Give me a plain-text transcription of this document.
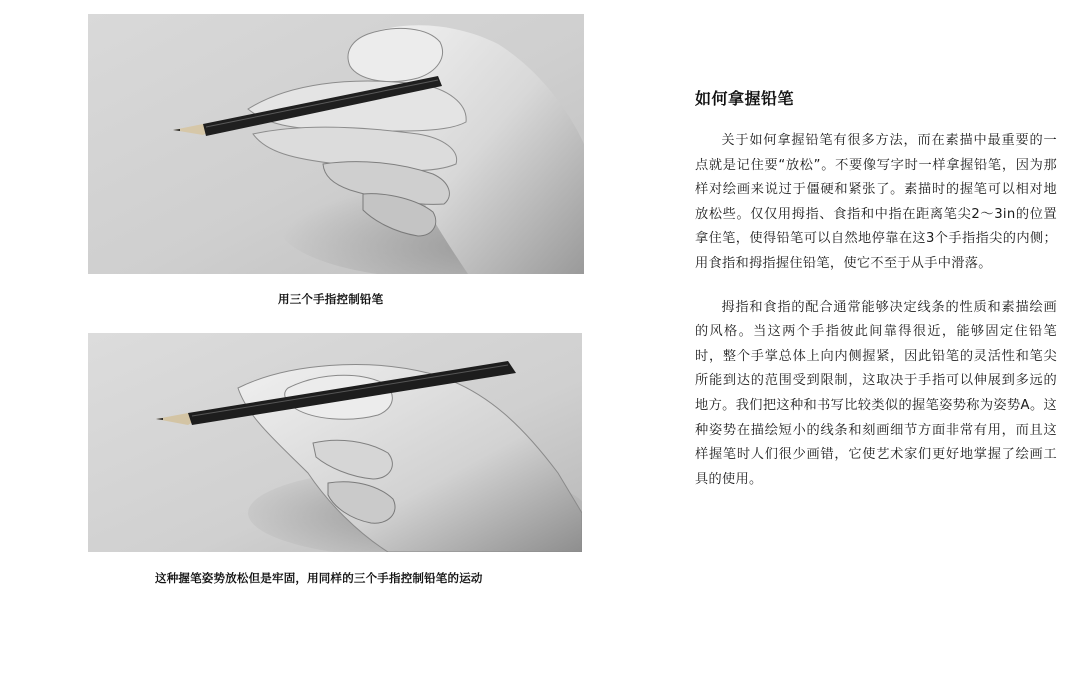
用三个手指控制铅笔
这种握笔姿势放松但是牢固，用同样的三个手指控制铅笔的运动
如何拿握铅笔

关于如何拿握铅笔有很多方法，而在素描中最重要的一点就是记住要“放松”。不要像写字时一样拿握铅笔，因为那样对绘画来说过于僵硬和紧张了。素描时的握笔可以相对地放松些。仅仅用拇指、食指和中指在距离笔尖2～3in的位置拿住笔，使得铅笔可以自然地停靠在这3个手指指尖的内侧；用食指和拇指握住铅笔，使它不至于从手中滑落。

拇指和食指的配合通常能够决定线条的性质和素描绘画的风格。当这两个手指彼此间靠得很近，能够固定住铅笔时，整个手掌总体上向内侧握紧，因此铅笔的灵活性和笔尖所能到达的范围受到限制，这取决于手指可以伸展到多远的地方。我们把这种和书写比较类似的握笔姿势称为姿势A。这种姿势在描绘短小的线条和刻画细节方面非常有用，而且这样握笔时人们很少画错，它使艺术家们更好地掌握了绘画工具的使用。
